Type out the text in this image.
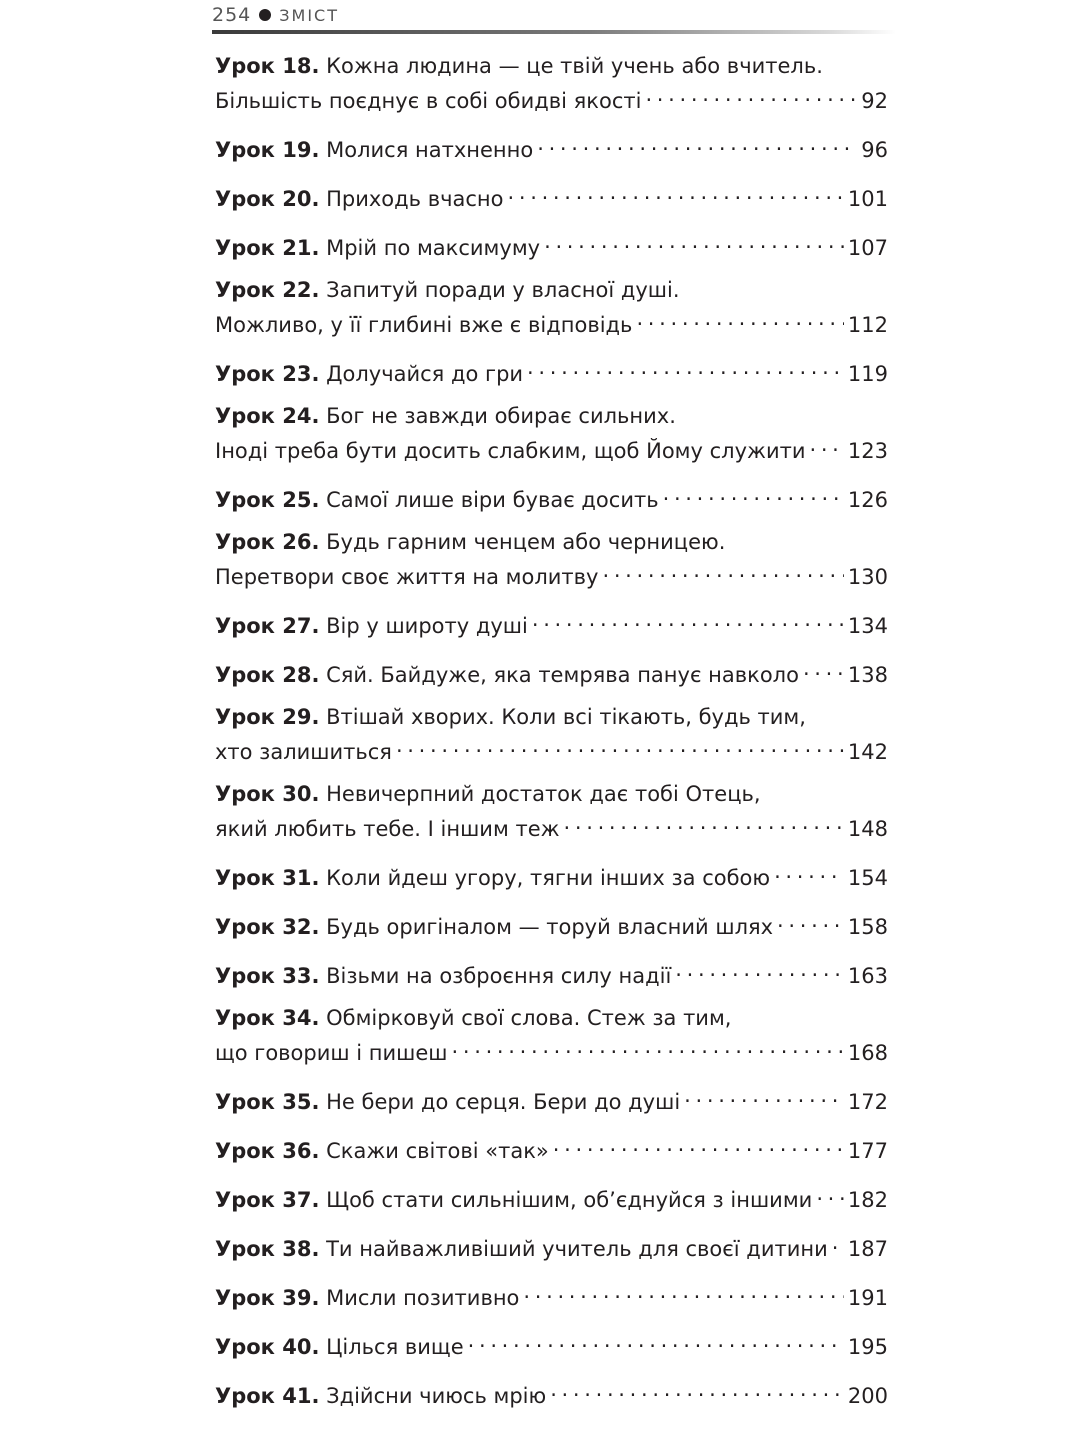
254 ЗМІСТ
Урок 18. Кожна людина — це твій учень або вчитель.
Більшість поєднує в собі обидві якості . . .	92
Урок 19. Молися натхненно . . .	96
Урок 20. Приходь вчасно . . .	101
Урок 21. Мрій по максимуму . . .	107
Урок 22. Запитуй поради у власної душі.
Можливо, у її глибині вже є відповідь . . .	112
Урок 23. Долучайся до гри . . .	119
Урок 24. Бог не завжди обирає сильних.
Іноді треба бути досить слабким, щоб Йому служити . . . 123
Урок 25. Самої лише віри буває досить . . .	126
Урок 26. Будь гарним ченцем або черницею.
Перетвори своє життя на молитву . . .	130
Урок 27. Вір у широту душі . . .	134
Урок 28. Сяй. Байдуже, яка темрява панує навколо . . . 138
Урок 29. Втішай хворих. Коли всі тікають, будь тим,
хто залишиться . . .	142
Урок 30. Невичерпний достаток дає тобі Отець,
який любить тебе. І іншим теж . . .	148
Урок 31. Коли йдеш угору, тягни інших за собою . . .	154
Урок 32. Будь оригіналом — торуй власний шлях . . .	158
Урок 33. Візьми на озброєння силу надії . . .	163
Урок 34. Обмірковуй свої слова. Стеж за тим,
що говориш і пишеш . . .	168
Урок 35. Не бери до серця. Бери до душі . . .	172
Урок 36. Скажи світові «так» . . .	177
Урок 37. Щоб стати сильнішим, об’єднуйся з іншими . . . 182
Урок 38. Ти найважливіший учитель для своєї дитини . . . 187
Урок 39. Мисли позитивно . . .	191
Урок 40. Цілься вище . . .	195
Урок 41. Здійсни чиюсь мрію . . .	200
